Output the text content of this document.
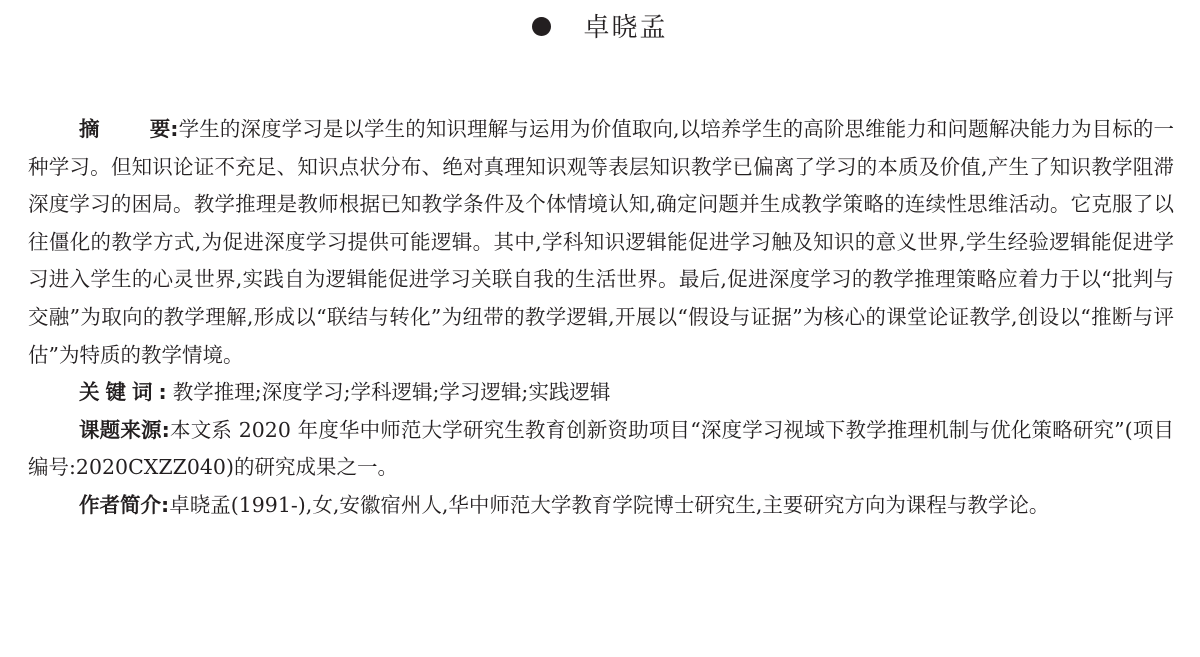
卓晓孟

摘 要:学生的深度学习是以学生的知识理解与运用为价值取向,以培养学生的高阶思维能力和问题解决能力为目标的一种学习。但知识论证不充足、知识点状分布、绝对真理知识观等表层知识教学已偏离了学习的本质及价值,产生了知识教学阻滞深度学习的困局。教学推理是教师根据已知教学条件及个体情境认知,确定问题并生成教学策略的连续性思维活动。它克服了以往僵化的教学方式,为促进深度学习提供可能逻辑。其中,学科知识逻辑能促进学习触及知识的意义世界,学生经验逻辑能促进学习进入学生的心灵世界,实践自为逻辑能促进学习关联自我的生活世界。最后,促进深度学习的教学推理策略应着力于以“批判与交融”为取向的教学理解,形成以“联结与转化”为纽带的教学逻辑,开展以“假设与证据”为核心的课堂论证教学,创设以“推断与评估”为特质的教学情境。

关键词:教学推理;深度学习;学科逻辑;学习逻辑;实践逻辑

课题来源:本文系 2020 年度华中师范大学研究生教育创新资助项目“深度学习视域下教学推理机制与优化策略研究”(项目编号:2020CXZZ040)的研究成果之一。

作者简介:卓晓孟(1991-),女,安徽宿州人,华中师范大学教育学院博士研究生,主要研究方向为课程与教学论。
